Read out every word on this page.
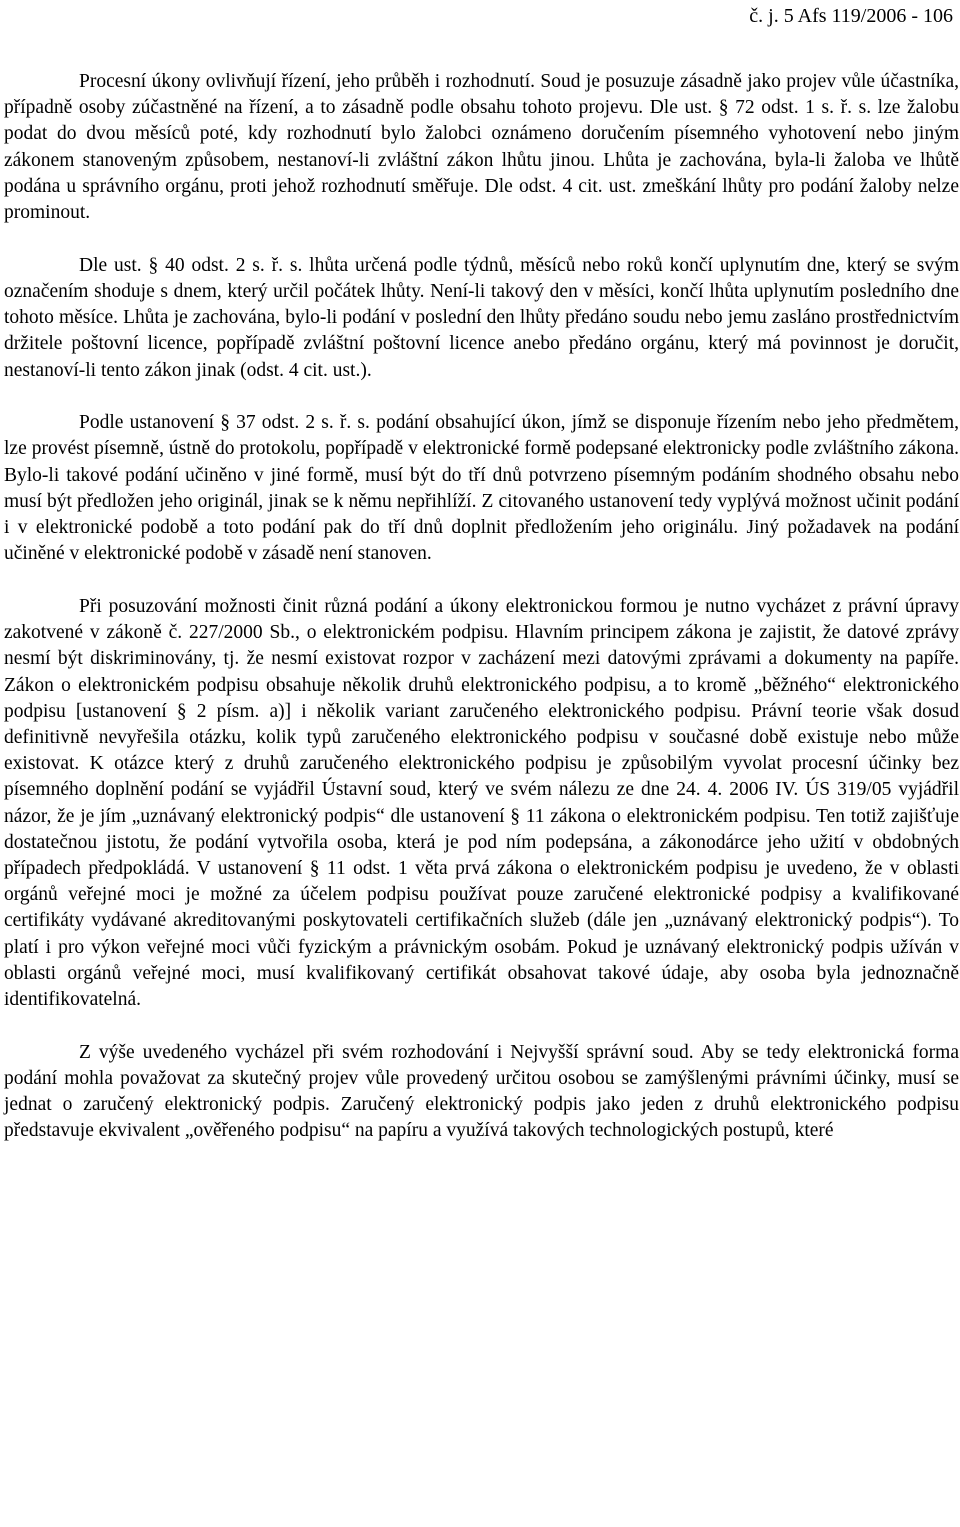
č. j. 5 Afs 119/2006 - 106

Procesní úkony ovlivňují řízení, jeho průběh i rozhodnutí. Soud je posuzuje zásadně jako projev vůle účastníka, případně osoby zúčastněné na řízení, a to zásadně podle obsahu tohoto projevu. Dle ust. § 72 odst. 1 s. ř. s. lze žalobu podat do dvou měsíců poté, kdy rozhodnutí bylo žalobci oznámeno doručením písemného vyhotovení nebo jiným zákonem stanoveným způsobem, nestanoví-li zvláštní zákon lhůtu jinou. Lhůta je zachována, byla-li žaloba ve lhůtě podána u správního orgánu, proti jehož rozhodnutí směřuje. Dle odst. 4 cit. ust. zmeškání lhůty pro podání žaloby nelze prominout.

Dle ust. § 40 odst. 2 s. ř. s. lhůta určená podle týdnů, měsíců nebo roků končí uplynutím dne, který se svým označením shoduje s dnem, který určil počátek lhůty. Není-li takový den v měsíci, končí lhůta uplynutím posledního dne tohoto měsíce. Lhůta je zachována, bylo-li podání v poslední den lhůty předáno soudu nebo jemu zasláno prostřednictvím držitele poštovní licence, popřípadě zvláštní poštovní licence anebo předáno orgánu, který má povinnost je doručit, nestanoví-li tento zákon jinak (odst. 4 cit. ust.).

Podle ustanovení § 37 odst. 2 s. ř. s. podání obsahující úkon, jímž se disponuje řízením nebo jeho předmětem, lze provést písemně, ústně do protokolu, popřípadě v elektronické formě podepsané elektronicky podle zvláštního zákona. Bylo-li takové podání učiněno v jiné formě, musí být do tří dnů potvrzeno písemným podáním shodného obsahu nebo musí být předložen jeho originál, jinak se k němu nepřihlíží. Z citovaného ustanovení tedy vyplývá možnost učinit podání i v elektronické podobě a toto podání pak do tří dnů doplnit předložením jeho originálu. Jiný požadavek na podání učiněné v elektronické podobě v zásadě není stanoven.

Při posuzování možnosti činit různá podání a úkony elektronickou formou je nutno vycházet z právní úpravy zakotvené v zákoně č. 227/2000 Sb., o elektronickém podpisu. Hlavním principem zákona je zajistit, že datové zprávy nesmí být diskriminovány, tj. že nesmí existovat rozpor v zacházení mezi datovými zprávami a dokumenty na papíře. Zákon o elektronickém podpisu obsahuje několik druhů elektronického podpisu, a to kromě „běžného“ elektronického podpisu [ustanovení § 2 písm. a)] i několik variant zaručeného elektronického podpisu. Právní teorie však dosud definitivně nevyřešila otázku, kolik typů zaručeného elektronického podpisu v současné době existuje nebo může existovat. K otázce který z druhů zaručeného elektronického podpisu je způsobilým vyvolat procesní účinky bez písemného doplnění podání se vyjádřil Ústavní soud, který ve svém nálezu ze dne 24. 4. 2006 IV. ÚS 319/05 vyjádřil názor, že je jím „uznávaný elektronický podpis“ dle ustanovení § 11 zákona o elektronickém podpisu. Ten totiž zajišťuje dostatečnou jistotu, že podání vytvořila osoba, která je pod ním podepsána, a zákonodárce jeho užití v obdobných případech předpokládá. V ustanovení § 11 odst. 1 věta prvá zákona o elektronickém podpisu je uvedeno, že v oblasti orgánů veřejné moci je možné za účelem podpisu používat pouze zaručené elektronické podpisy a kvalifikované certifikáty vydávané akreditovanými poskytovateli certifikačních služeb (dále jen „uznávaný elektronický podpis“). To platí i pro výkon veřejné moci vůči fyzickým a právnickým osobám. Pokud je uznávaný elektronický podpis užíván v oblasti orgánů veřejné moci, musí kvalifikovaný certifikát obsahovat takové údaje, aby osoba byla jednoznačně identifikovatelná.

Z výše uvedeného vycházel při svém rozhodování i Nejvyšší správní soud. Aby se tedy elektronická forma podání mohla považovat za skutečný projev vůle provedený určitou osobou se zamýšlenými právními účinky, musí se jednat o zaručený elektronický podpis. Zaručený elektronický podpis jako jeden z druhů elektronického podpisu představuje ekvivalent „ověřeného podpisu“ na papíru a využívá takových technologických postupů, které
